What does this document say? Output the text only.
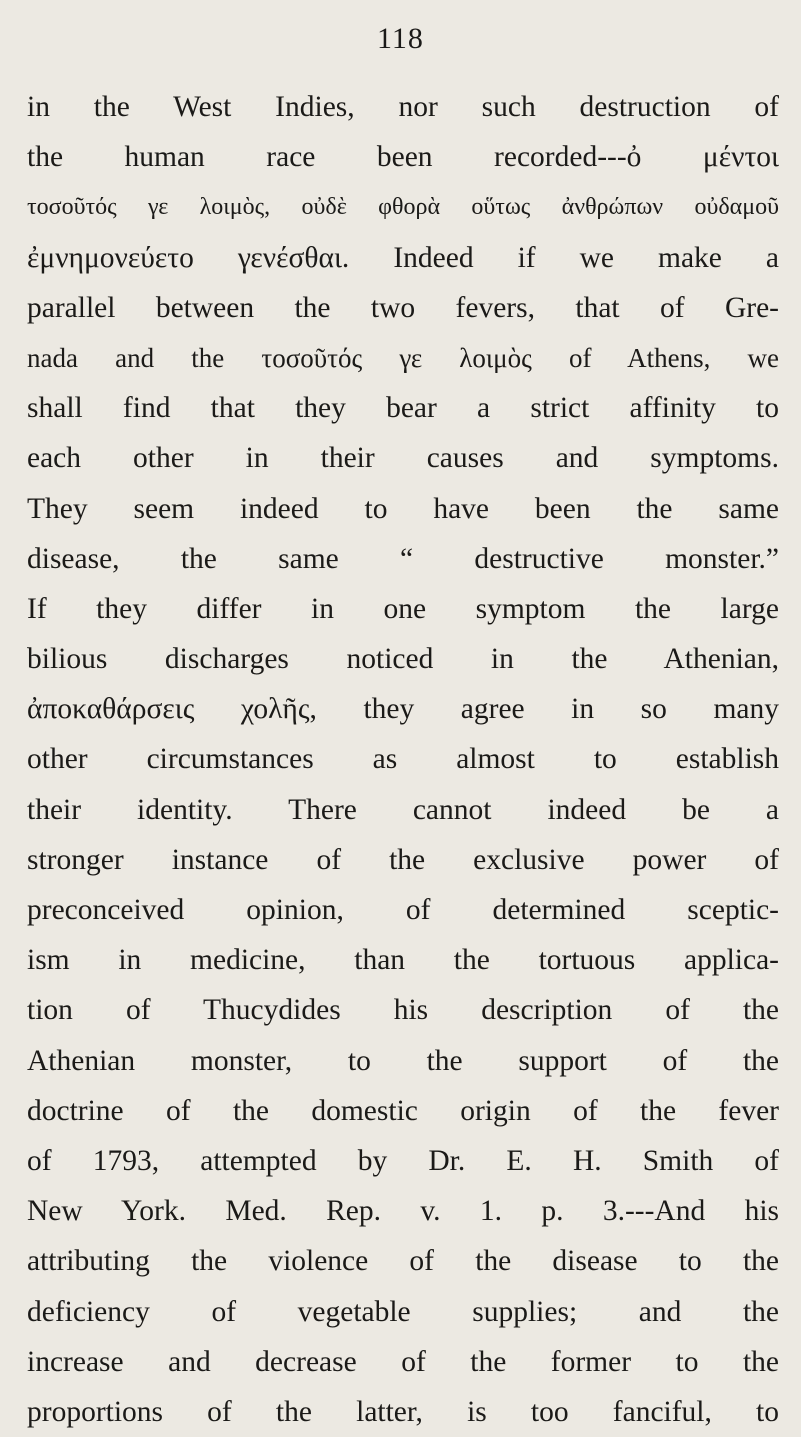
118
in the West Indies, nor such destruction of
the human race been recorded---ὀ μέντοι
τοσοῦτός γε λοιμὸς, οὐδὲ φθορὰ οὕτως ἀνθρώπων οὐδαμοῦ
ἐμνημονεύετο γενέσθαι. Indeed if we make a
parallel between the two fevers, that of Gre-
nada and the τοσοῦτός γε λοιμὸς of Athens, we
shall find that they bear a strict affinity to
each other in their causes and symptoms.
They seem indeed to have been the same
disease, the same “ destructive monster.”
If they differ in one symptom the large
bilious discharges noticed in the Athenian,
ἀποκαθάρσεις χολῆς, they agree in so many
other circumstances as almost to establish
their identity. There cannot indeed be a
stronger instance of the exclusive power of
preconceived opinion, of determined sceptic-
ism in medicine, than the tortuous applica-
tion of Thucydides his description of the
Athenian monster, to the support of the
doctrine of the domestic origin of the fever
of 1793, attempted by Dr. E. H. Smith of
New York. Med. Rep. v. 1. p. 3.---And his
attributing the violence of the disease to the
deficiency of vegetable supplies; and the
increase and decrease of the former to the
proportions of the latter, is too fanciful, to
